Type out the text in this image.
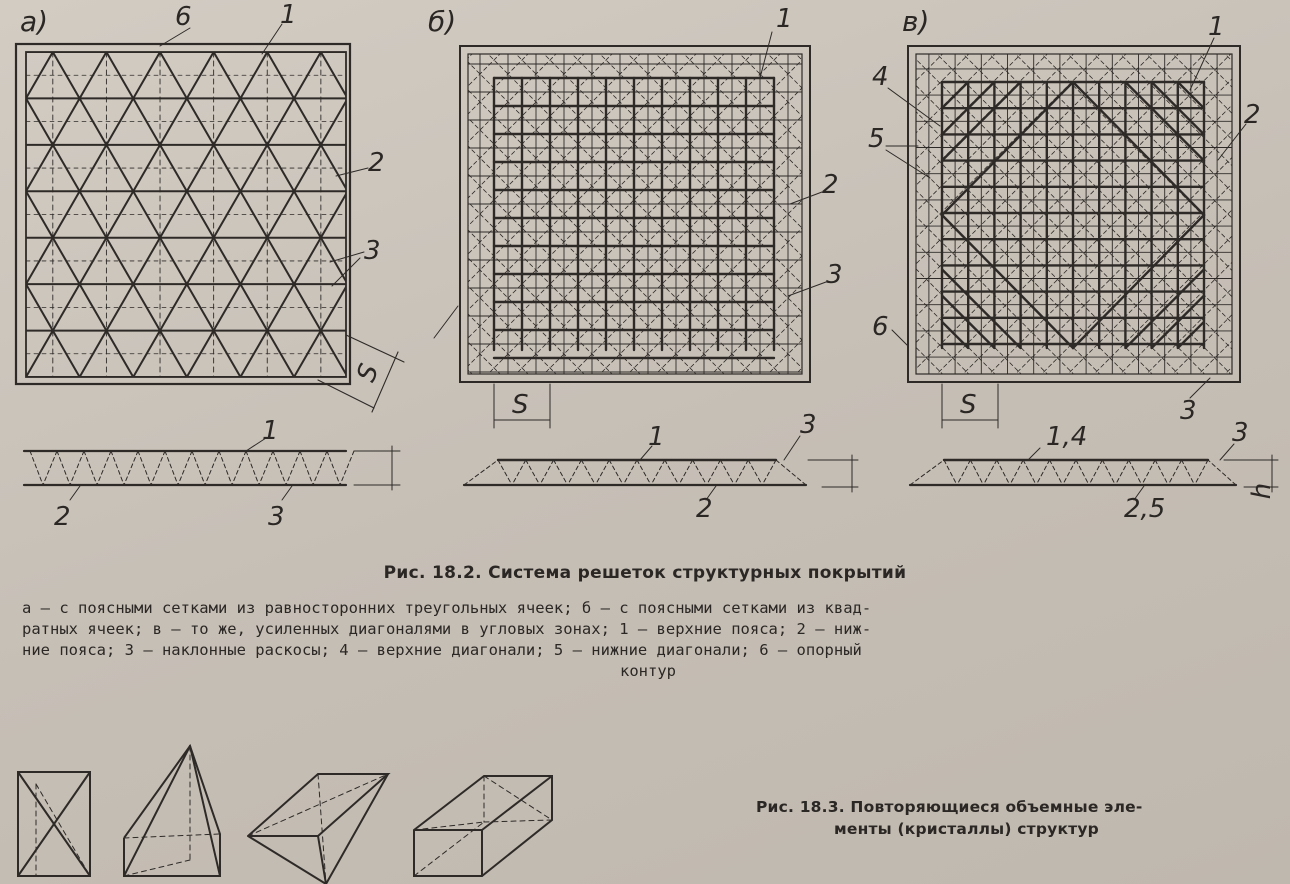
a)	б)	в)
6	1
2
3
S
1
2	3
1
2
3
S
1	3
2
1
4
5
2
6
3
S
1,4	3
h
2,5
Рис. 18.2. Система решеток структурных покрытий
а — с поясными сетками из равносторонних треугольных ячеек; б — с поясными сетками из квад-
ратных ячеек; в — то же, усиленных диагоналями в угловых зонах; 1 — верхние пояса; 2 — ниж-
ние пояса; 3 — наклонные раскосы; 4 — верхние диагонали; 5 — нижние диагонали; 6 — опорный
контур
Рис. 18.3. Повторяющиеся объемные эле-
менты (кристаллы) структур
